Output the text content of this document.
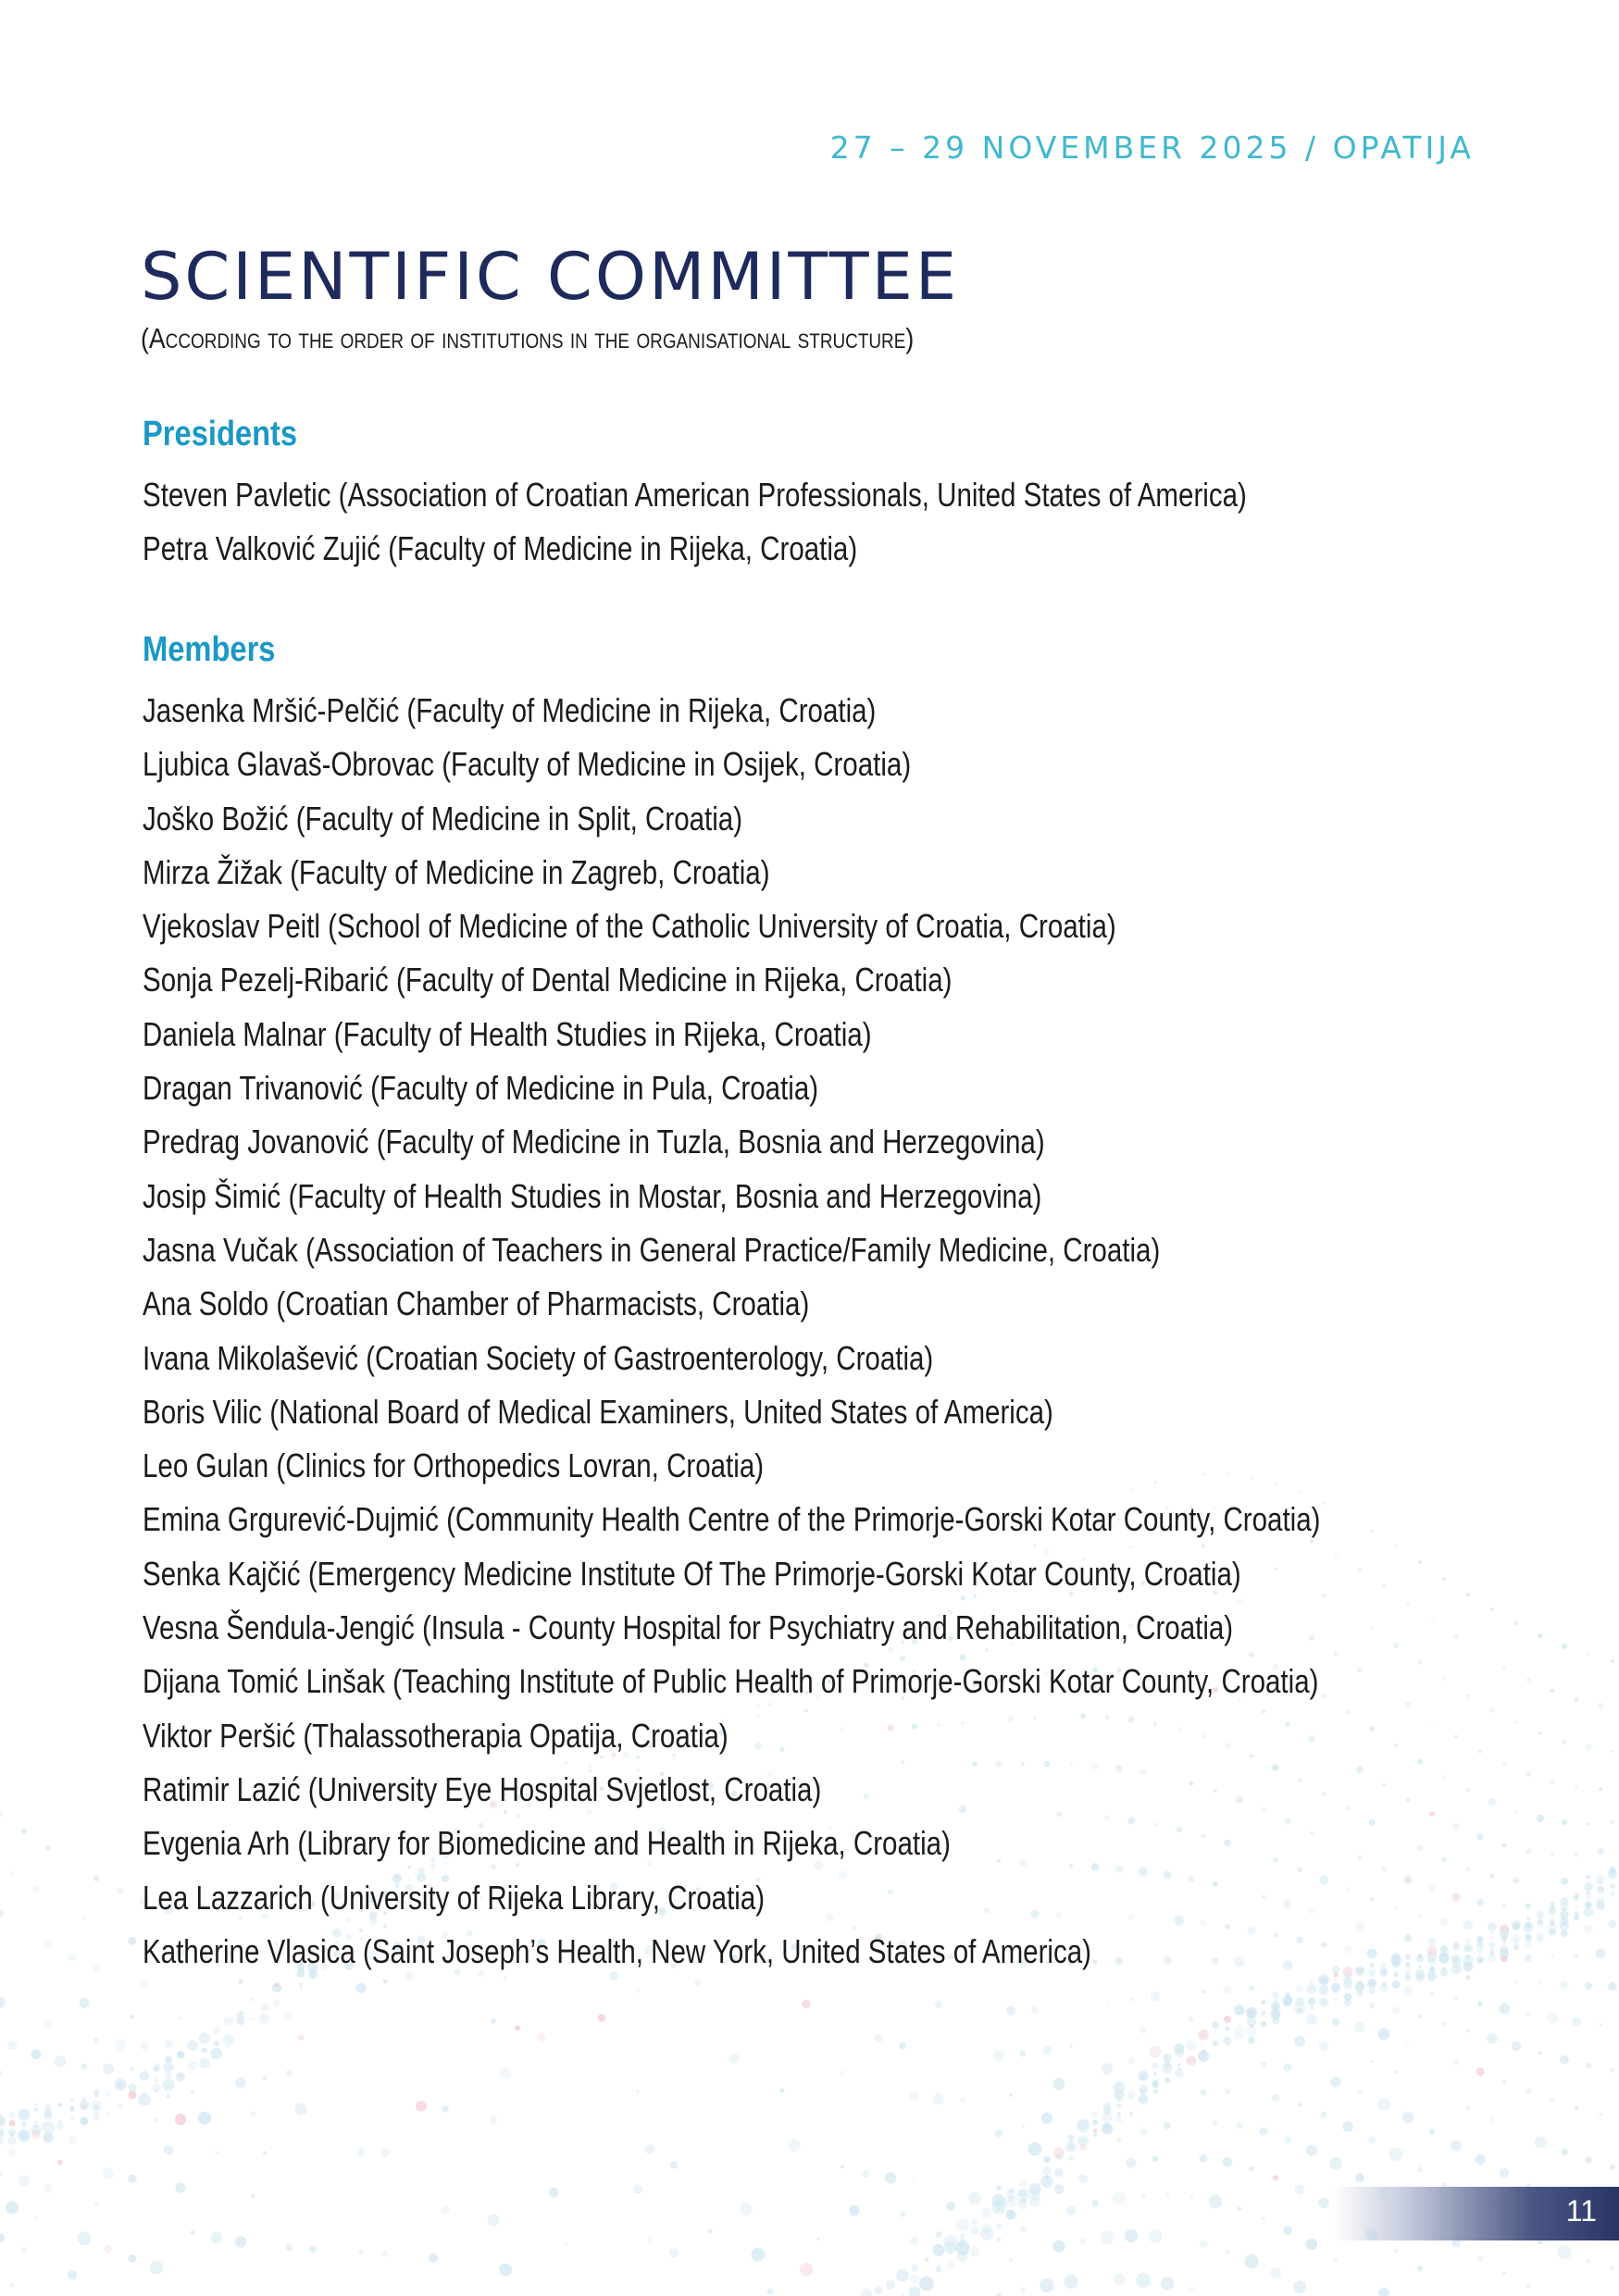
27 – 29 NOVEMBER 2025 / OPATIJA
SCIENTIFIC COMMITTEE
(According to the order of institutions in the organisational structure)
Presidents
Steven Pavletic (Association of Croatian American Professionals, United States of America)
Petra Valković Zujić (Faculty of Medicine in Rijeka, Croatia)
Members
Jasenka Mršić-Pelčić (Faculty of Medicine in Rijeka, Croatia)
Ljubica Glavaš-Obrovac (Faculty of Medicine in Osijek, Croatia)
Joško Božić (Faculty of Medicine in Split, Croatia)
Mirza Žižak (Faculty of Medicine in Zagreb, Croatia)
Vjekoslav Peitl (School of Medicine of the Catholic University of Croatia, Croatia)
Sonja Pezelj-Ribarić (Faculty of Dental Medicine in Rijeka, Croatia)
Daniela Malnar (Faculty of Health Studies in Rijeka, Croatia)
Dragan Trivanović (Faculty of Medicine in Pula, Croatia)
Predrag Jovanović (Faculty of Medicine in Tuzla, Bosnia and Herzegovina)
Josip Šimić (Faculty of Health Studies in Mostar, Bosnia and Herzegovina)
Jasna Vučak (Association of Teachers in General Practice/Family Medicine, Croatia)
Ana Soldo (Croatian Chamber of Pharmacists, Croatia)
Ivana Mikolašević (Croatian Society of Gastroenterology, Croatia)
Boris Vilic (National Board of Medical Examiners, United States of America)
Leo Gulan (Clinics for Orthopedics Lovran, Croatia)
Emina Grgurević-Dujmić (Community Health Centre of the Primorje-Gorski Kotar County, Croatia)
Senka Kajčić (Emergency Medicine Institute Of The Primorje-Gorski Kotar County, Croatia)
Vesna Šendula-Jengić (Insula - County Hospital for Psychiatry and Rehabilitation, Croatia)
Dijana Tomić Linšak (Teaching Institute of Public Health of Primorje-Gorski Kotar County, Croatia)
Viktor Peršić (Thalassotherapia Opatija, Croatia)
Ratimir Lazić (University Eye Hospital Svjetlost, Croatia)
Evgenia Arh (Library for Biomedicine and Health in Rijeka, Croatia)
Lea Lazzarich (University of Rijeka Library, Croatia)
Katherine Vlasica (Saint Joseph’s Health, New York, United States of America)
11
